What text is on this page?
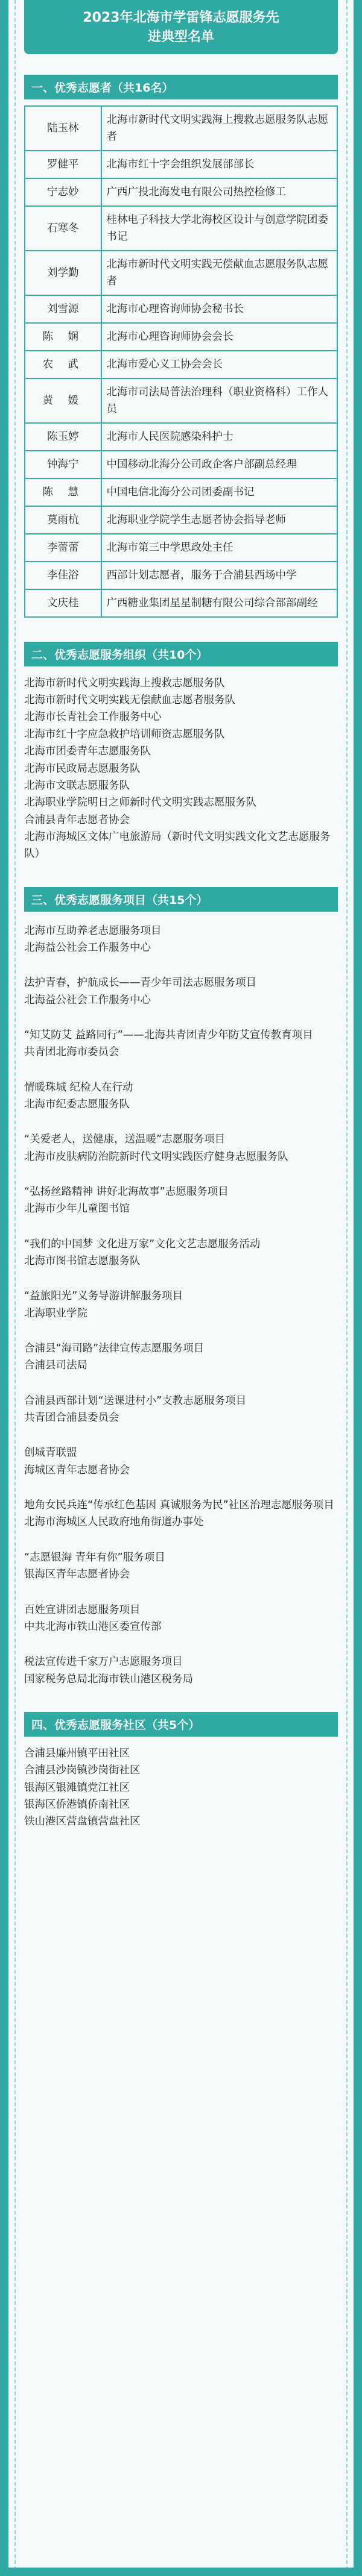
2023年北海市学雷锋志愿服务先
进典型名单
一、优秀志愿者（共16名）
陆玉林	北海市新时代文明实践海上搜救志愿服务队志愿者
罗健平	北海市红十字会组织发展部部长
宁志妙	广西广投北海发电有限公司热控检修工
石寒冬	桂林电子科技大学北海校区设计与创意学院团委书记
刘学勤	北海市新时代文明实践无偿献血志愿服务队志愿者
刘雪源	北海市心理咨询师协会秘书长
陈娴	北海市心理咨询师协会会长
农武	北海市爱心义工协会会长
黄媛	北海市司法局普法治理科（职业资格科）工作人员
陈玉婷	北海市人民医院感染科护士
钟海宁	中国移动北海分公司政企客户部副总经理
陈慧	中国电信北海分公司团委副书记
莫雨杭	北海职业学院学生志愿者协会指导老师
李蕾蕾	北海市第三中学思政处主任
李佳浴	西部计划志愿者，服务于合浦县西场中学
文庆桂	广西糖业集团星星制糖有限公司综合部部副经
二、优秀志愿服务组织（共10个）
北海市新时代文明实践海上搜救志愿服务队
北海市新时代文明实践无偿献血志愿者服务队
北海市长青社会工作服务中心
北海市红十字应急救护培训师资志愿服务队
北海市团委青年志愿服务队
北海市民政局志愿服务队
北海市文联志愿服务队
北海职业学院明日之师新时代文明实践志愿服务队
合浦县青年志愿者协会
北海市海城区文体广电旅游局（新时代文明实践文化文艺志愿服务队）
三、优秀志愿服务项目（共15个）
北海市互助养老志愿服务项目
北海益公社会工作服务中心
法护青春，护航成长——青少年司法志愿服务项目
北海益公社会工作服务中心
“知艾防艾 益路同行”——北海共青团青少年防艾宣传教育项目
共青团北海市委员会
情暖珠城 纪检人在行动
北海市纪委志愿服务队
“关爱老人，送健康，送温暖”志愿服务项目
北海市皮肤病防治院新时代文明实践医疗健身志愿服务队
“弘扬丝路精神 讲好北海故事”志愿服务项目
北海市少年儿童图书馆
“我们的中国梦 文化进万家”文化文艺志愿服务活动
北海市图书馆志愿服务队
“益旅阳光”义务导游讲解服务项目
北海职业学院
合浦县“海司路”法律宣传志愿服务项目
合浦县司法局
合浦县西部计划“送课进村小”支教志愿服务项目
共青团合浦县委员会
创城青联盟
海城区青年志愿者协会
地角女民兵连“传承红色基因 真诚服务为民”社区治理志愿服务项目
北海市海城区人民政府地角街道办事处
“志愿银海 青年有你”服务项目
银海区青年志愿者协会
百姓宣讲团志愿服务项目
中共北海市铁山港区委宣传部
税法宣传进千家万户志愿服务项目
国家税务总局北海市铁山港区税务局
四、优秀志愿服务社区（共5个）
合浦县廉州镇平田社区
合浦县沙岗镇沙岗街社区
银海区银滩镇党江社区
银海区侨港镇侨南社区
铁山港区营盘镇营盘社区
